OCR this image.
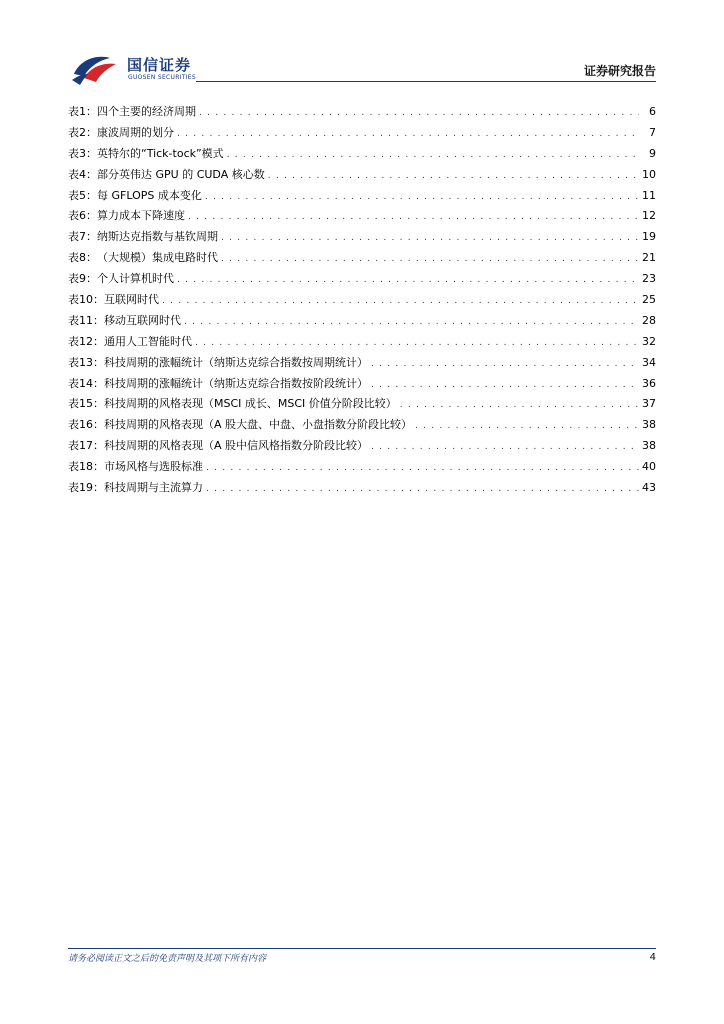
国信证券
GUOSEN SECURITIES	证券研究报告
表1： 四个主要的经济周期 . . .	6
表2： 康波周期的划分 . . .	7
表3： 英特尔的“Tick-tock”模式 . . .	9
表4： 部分英伟达 GPU 的 CUDA 核心数 . . .	10
表5： 每 GFLOPS 成本变化 . . .	11
表6： 算力成本下降速度 . . .	12
表7： 纳斯达克指数与基钦周期 . . .	19
表8： （大规模）集成电路时代 . . .	21
表9： 个人计算机时代 . . .	23
表10： 互联网时代 . . .	25
表11： 移动互联网时代 . . .	28
表12： 通用人工智能时代 . . .	32
表13： 科技周期的涨幅统计（纳斯达克综合指数按周期统计） . . .	34
表14： 科技周期的涨幅统计（纳斯达克综合指数按阶段统计） . . .	36
表15： 科技周期的风格表现（MSCI 成长、MSCI 价值分阶段比较） . . .	37
表16： 科技周期的风格表现（A 股大盘、中盘、小盘指数分阶段比较） . . .	38
表17： 科技周期的风格表现（A 股中信风格指数分阶段比较） . . .	38
表18： 市场风格与选股标准 . . .	40
表19： 科技周期与主流算力 . . .	43
请务必阅读正文之后的免责声明及其项下所有内容	4
